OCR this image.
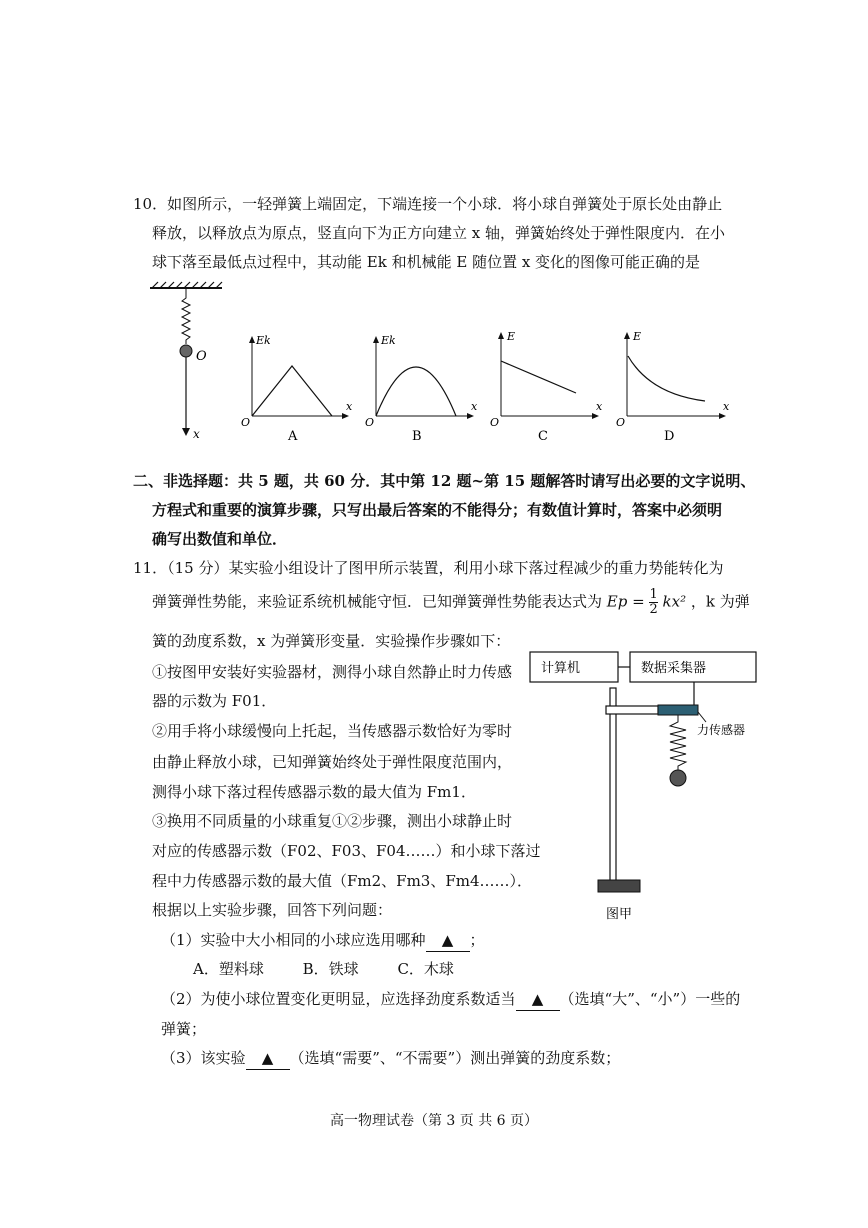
10．如图所示，一轻弹簧上端固定，下端连接一个小球．将小球自弹簧处于原长处由静止
释放，以释放点为原点，竖直向下为正方向建立 x 轴，弹簧始终处于弹性限度内．在小
球下落至最低点过程中，其动能 Ek 和机械能 E 随位置 x 变化的图像可能正确的是
O
x
Ek
x
O
A
Ek
x
O
B
E
x
O
C
E
x
O
D
计算机	数据采集器
力传感器
图甲
二、非选择题：共 5 题，共 60 分．其中第 12 题~第 15 题解答时请写出必要的文字说明、
方程式和重要的演算步骤，只写出最后答案的不能得分；有数值计算时，答案中必须明
确写出数值和单位．
11．（15 分）某实验小组设计了图甲所示装置，利用小球下落过程减少的重力势能转化为
弹簧弹性势能，来验证系统机械能守恒．已知弹簧弹性势能表达式为 $Ep = \frac{1}{2} kx^2$ ，k 为弹
簧的劲度系数，x 为弹簧形变量．实验操作步骤如下：
①按图甲安装好实验器材，测得小球自然静止时力传感
器的示数为 F01．
②用手将小球缓慢向上托起，当传感器示数恰好为零时
由静止释放小球，已知弹簧始终处于弹性限度范围内，
测得小球下落过程传感器示数的最大值为 Fm1．
③换用不同质量的小球重复①②步骤，测出小球静止时
对应的传感器示数（F02、F03、F04……）和小球下落过
程中力传感器示数的最大值（Fm2、Fm3、Fm4……）．
根据以上实验步骤，回答下列问题：
（1）实验中大小相同的小球应选用哪种 ▲ ；
A．塑料球	B．铁球	C．木球
（2）为使小球位置变化更明显，应选择劲度系数适当 ▲ （选填“大”、“小”）一些的
弹簧；
（3）该实验 ▲ （选填“需要”、“不需要”）测出弹簧的劲度系数；
高一物理试卷（第 3 页 共 6 页）
